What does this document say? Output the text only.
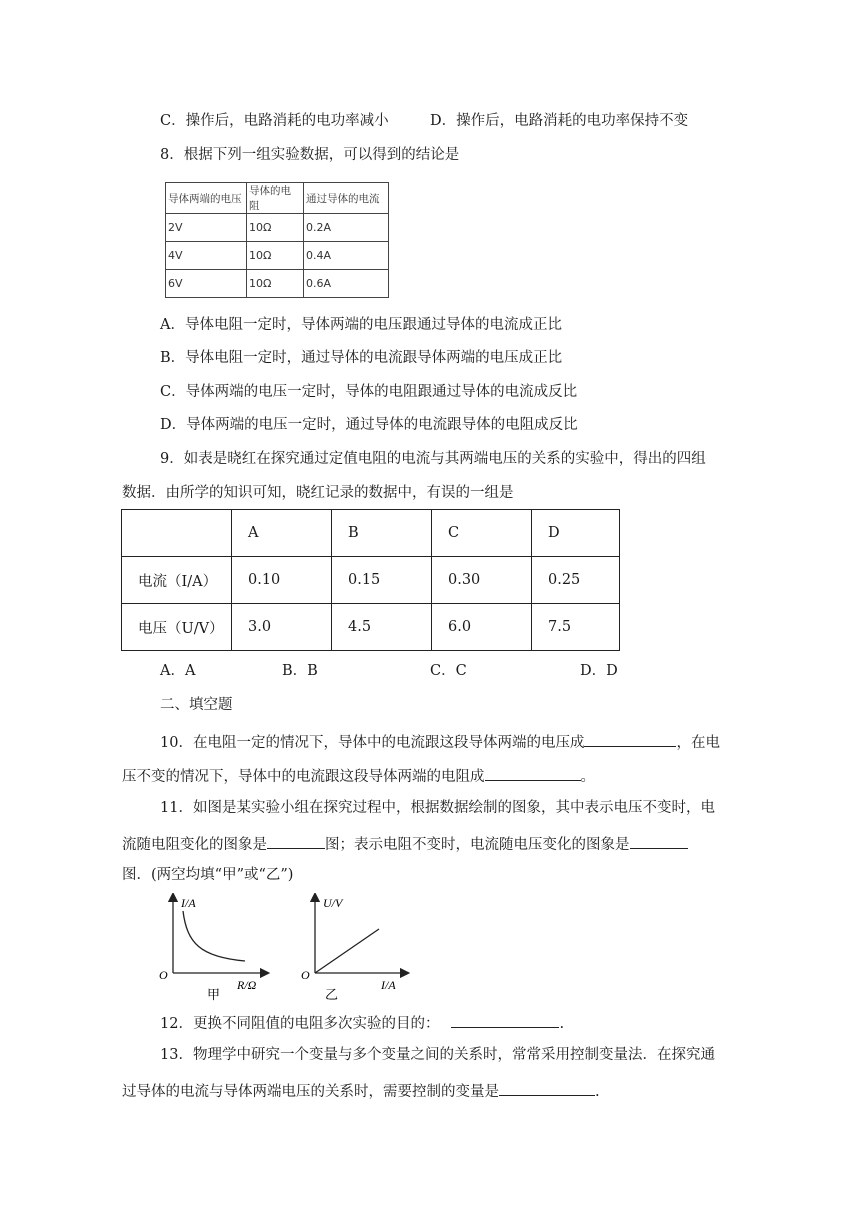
C．操作后，电路消耗的电功率减小	D．操作后，电路消耗的电功率保持不变
8．根据下列一组实验数据，可以得到的结论是
导体两端的电压	导体的电阻	通过导体的电流
2V	10Ω	0.2A
4V	10Ω	0.4A
6V	10Ω	0.6A
A．导体电阻一定时，导体两端的电压跟通过导体的电流成正比
B．导体电阻一定时，通过导体的电流跟导体两端的电压成正比
C．导体两端的电压一定时，导体的电阻跟通过导体的电流成反比
D．导体两端的电压一定时，通过导体的电流跟导体的电阻成反比
9．如表是晓红在探究通过定值电阻的电流与其两端电压的关系的实验中，得出的四组
数据．由所学的知识可知，晓红记录的数据中，有误的一组是
	A	B	C	D
电流（I/A）	0.10	0.15	0.30	0.25
电压（U/V）	3.0	4.5	6.0	7.5
A．A	B．B	C．C	D．D
二、填空题
10．在电阻一定的情况下，导体中的电流跟这段导体两端的电压成	，在电
压不变的情况下，导体中的电流跟这段导体两端的电阻成	。
11．如图是某实验小组在探究过程中，根据数据绘制的图象，其中表示电压不变时，电
流随电阻变化的图象是	图；表示电阻不变时，电流随电压变化的图象是
图．(两空均填“甲”或“乙”)
I/A
R/Ω
O
甲
U/V
I/A
O
乙
12．更换不同阻值的电阻多次实验的目的：	.
13．物理学中研究一个变量与多个变量之间的关系时，常常采用控制变量法．在探究通
过导体的电流与导体两端电压的关系时，需要控制的变量是	.
